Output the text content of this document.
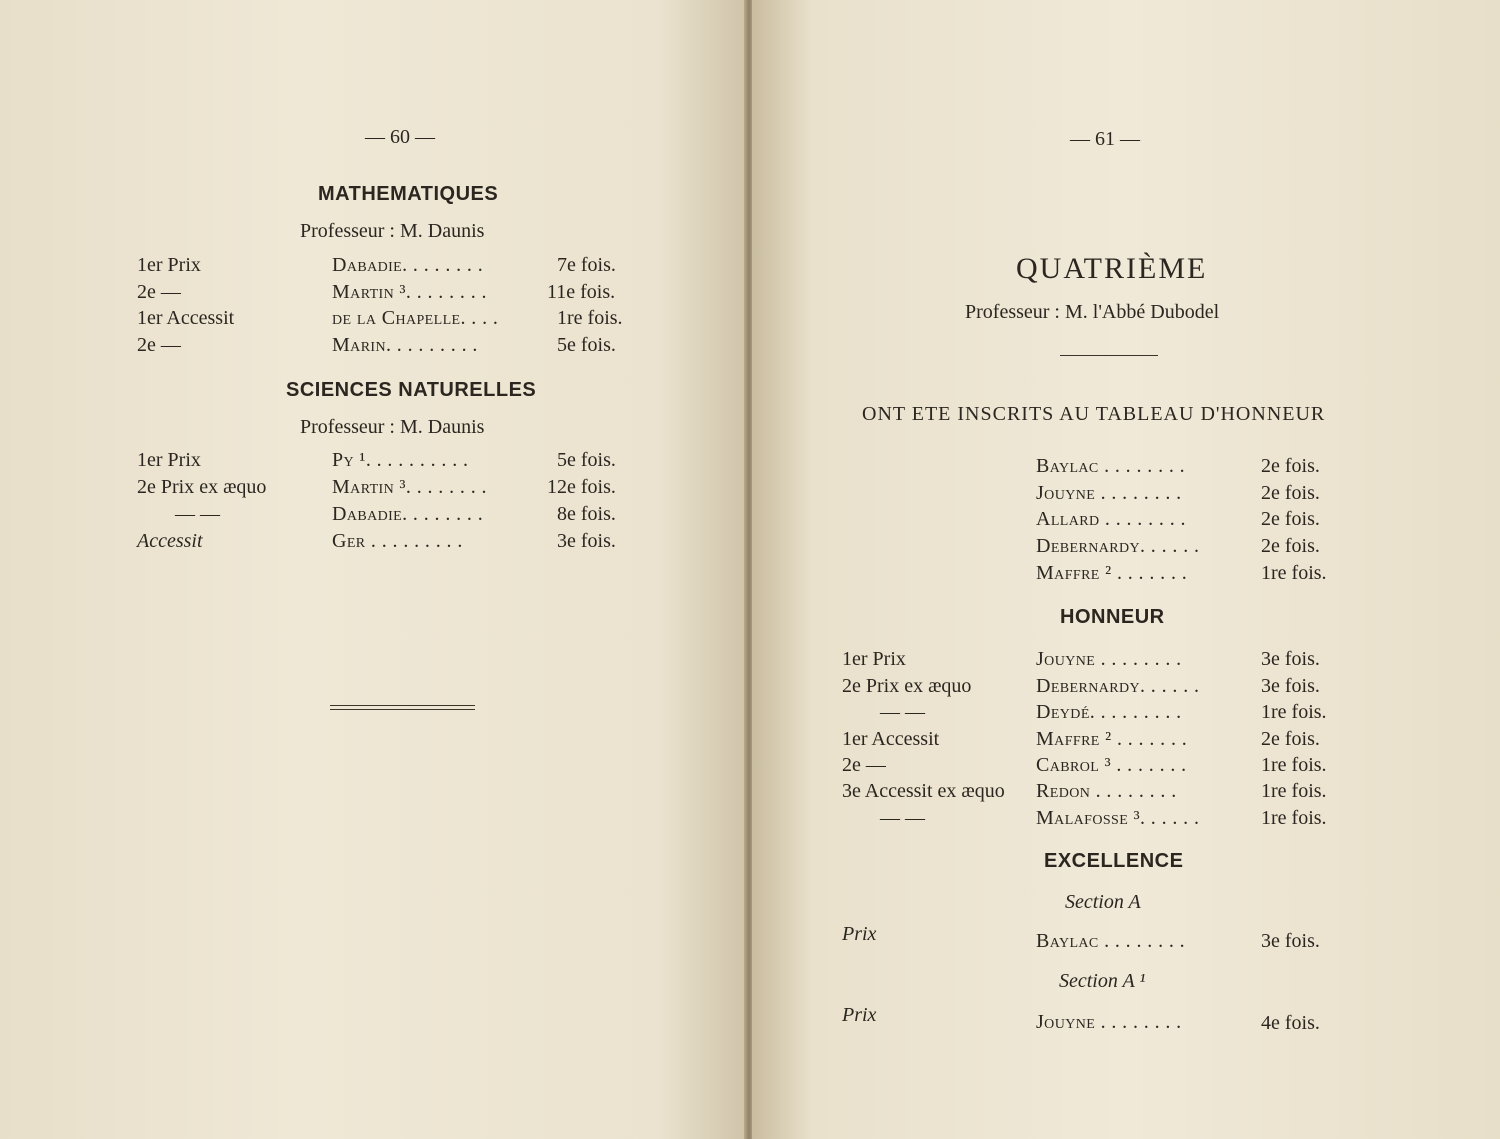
— 60 —
MATHEMATIQUES
Professeur : M. Daunis
1er Prix	Dabadie. . . . . . . .	7e fois.
2e —	Martin ³. . . . . . . .	11e fois.
1er Accessit	de la Chapelle. . . .	1re fois.
2e —	Marin. . . . . . . . .	5e fois.
SCIENCES NATURELLES
Professeur : M. Daunis
1er Prix	Py ¹. . . . . . . . . .	5e fois.
2e Prix ex æquo	Martin ³. . . . . . . .	12e fois.
— —	Dabadie. . . . . . . .	8e fois.
Accessit	Ger . . . . . . . . .	3e fois.
— 61 —
QUATRIÈME
Professeur : M. l'Abbé Dubodel
ONT ETE INSCRITS AU TABLEAU D'HONNEUR
Baylac . . . . . . . .	2e fois.
Jouyne . . . . . . . .	2e fois.
Allard . . . . . . . .	2e fois.
Debernardy. . . . . .	2e fois.
Maffre ² . . . . . . .	1re fois.
HONNEUR
1er Prix	Jouyne . . . . . . . .	3e fois.
2e Prix ex æquo	Debernardy. . . . . .	3e fois.
— —	Deydé. . . . . . . . .	1re fois.
1er Accessit	Maffre ² . . . . . . .	2e fois.
2e —	Cabrol ³ . . . . . . .	1re fois.
3e Accessit ex æquo Redon . . . . . . . .	1re fois.
— —	Malafosse ³. . . . . .	1re fois.
EXCELLENCE
Section A
Prix	Baylac . . . . . . . .	3e fois.
Section A ¹
Prix	Jouyne . . . . . . . .	4e fois.
